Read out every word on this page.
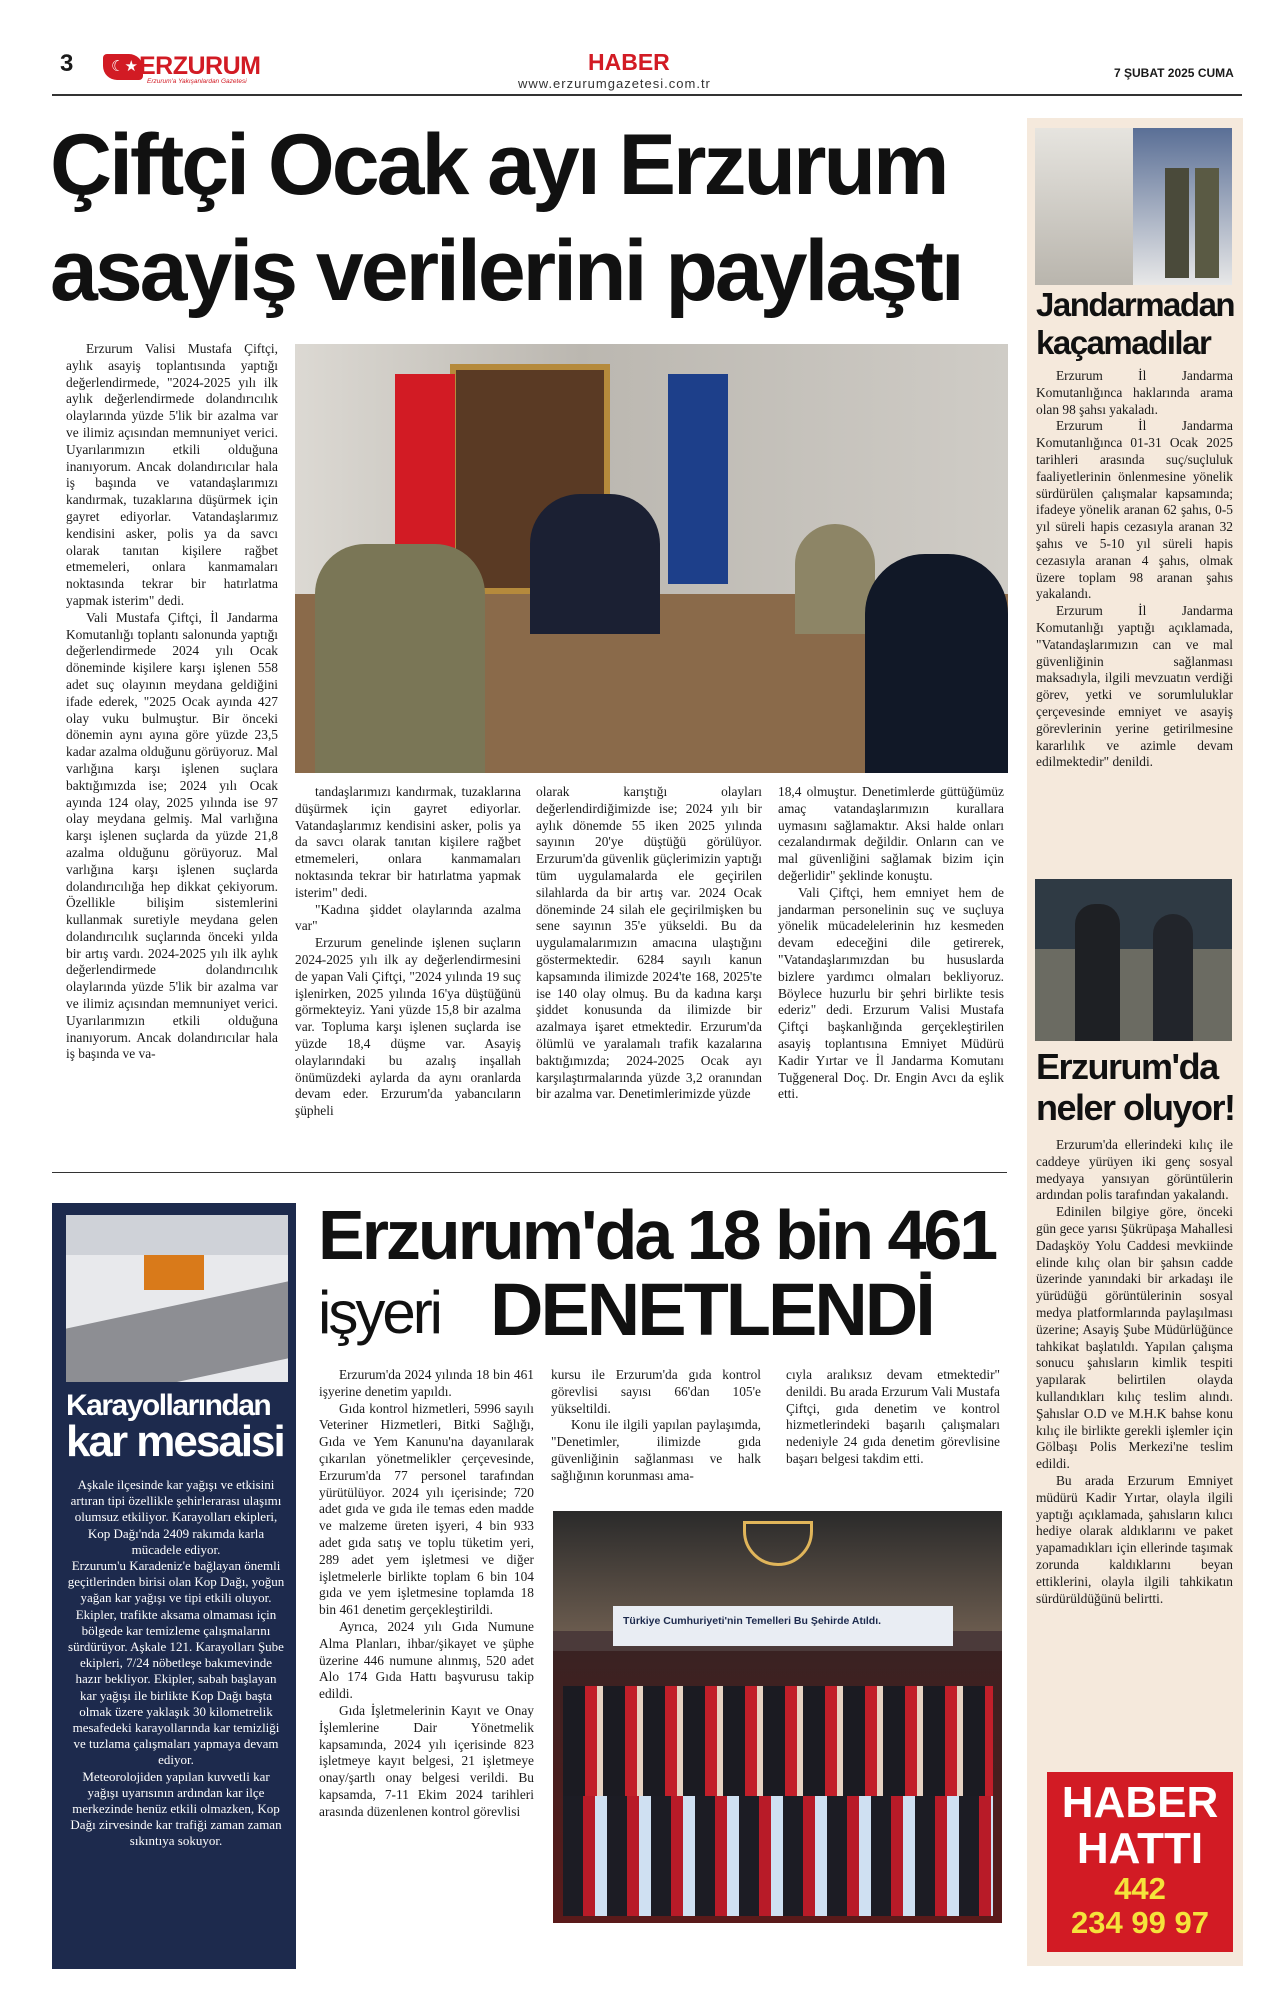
3	☾★ ERZURUM
Erzurum'a Yakışanlardan Gazetesi
HABER
www.erzurumgazetesi.com.tr
7 ŞUBAT 2025 CUMA
Çiftçi Ocak ayı Erzurum
asayiş verilerini paylaştı

Erzurum Valisi Mustafa Çiftçi, aylık asayiş toplantısında yaptığı değerlendirmede, "2024-2025 yılı ilk aylık değerlendirmede dolandırıcılık olaylarında yüzde 5'lik bir azalma var ve ilimiz açısından memnuniyet verici. Uyarılarımızın etkili olduğuna inanıyorum. Ancak dolandırıcılar hala iş başında ve vatandaşlarımızı kandırmak, tuzaklarına düşürmek için gayret ediyorlar. Vatandaşlarımız kendisini asker, polis ya da savcı olarak tanıtan kişilere rağbet etmemeleri, onlara kanmamaları noktasında tekrar bir hatırlatma yapmak isterim" dedi.

Vali Mustafa Çiftçi, İl Jandarma Komutanlığı toplantı salonunda yaptığı değerlendirmede 2024 yılı Ocak döneminde kişilere karşı işlenen 558 adet suç olayının meydana geldiğini ifade ederek, "2025 Ocak ayında 427 olay vuku bulmuştur. Bir önceki dönemin aynı ayına göre yüzde 23,5 kadar azalma olduğunu görüyoruz. Mal varlığına karşı işlenen suçlara baktığımızda ise; 2024 yılı Ocak ayında 124 olay, 2025 yılında ise 97 olay meydana gelmiş. Mal varlığına karşı işlenen suçlarda da yüzde 21,8 azalma olduğunu görüyoruz. Mal varlığına karşı işlenen suçlarda dolandırıcılığa hep dikkat çekiyorum. Özellikle bilişim sistemlerini kullanmak suretiyle meydana gelen dolandırıcılık suçlarında önceki yılda bir artış vardı. 2024-2025 yılı ilk aylık değerlendirmede dolandırıcılık olaylarında yüzde 5'lik bir azalma var ve ilimiz açısından memnuniyet verici. Uyarılarımızın etkili olduğuna inanıyorum. Ancak dolandırıcılar hala iş başında ve va-

tandaşlarımızı kandırmak, tuzaklarına düşürmek için gayret ediyorlar. Vatandaşlarımız kendisini asker, polis ya da savcı olarak tanıtan kişilere rağbet etmemeleri, onlara kanmamaları noktasında tekrar bir hatırlatma yapmak isterim" dedi.

"Kadına şiddet olaylarında azalma var"

Erzurum genelinde işlenen suçların 2024-2025 yılı ilk ay değerlendirmesini de yapan Vali Çiftçi, "2024 yılında 19 suç işlenirken, 2025 yılında 16'ya düştüğünü görmekteyiz. Yani yüzde 15,8 bir azalma var. Topluma karşı işlenen suçlarda ise yüzde 18,4 düşme var. Asayiş olaylarındaki bu azalış inşallah önümüzdeki aylarda da aynı oranlarda devam eder. Erzurum'da yabancıların şüpheli

olarak karıştığı olayları değerlendirdiğimizde ise; 2024 yılı bir aylık dönemde 55 iken 2025 yılında sayının 20'ye düştüğü görülüyor. Erzurum'da güvenlik güçlerimizin yaptığı tüm uygulamalarda ele geçirilen silahlarda da bir artış var. 2024 Ocak döneminde 24 silah ele geçirilmişken bu sene sayının 35'e yükseldi. Bu da uygulamalarımızın amacına ulaştığını göstermektedir. 6284 sayılı kanun kapsamında ilimizde 2024'te 168, 2025'te ise 140 olay olmuş. Bu da kadına karşı şiddet konusunda da ilimizde bir azalmaya işaret etmektedir. Erzurum'da ölümlü ve yaralamalı trafik kazalarına baktığımızda; 2024-2025 Ocak ayı karşılaştırmalarında yüzde 3,2 oranından bir azalma var. Denetimlerimizde yüzde

18,4 olmuştur. Denetimlerde güttüğümüz amaç vatandaşlarımızın kurallara uymasını sağlamaktır. Aksi halde onları cezalandırmak değildir. Onların can ve mal güvenliğini sağlamak bizim için değerlidir" şeklinde konuştu.

Vali Çiftçi, hem emniyet hem de jandarman personelinin suç ve suçluya yönelik mücadelelerinin hız kesmeden devam edeceğini dile getirerek, "Vatandaşlarımızdan bu hususlarda bizlere yardımcı olmaları bekliyoruz. Böylece huzurlu bir şehri birlikte tesis ederiz" dedi. Erzurum Valisi Mustafa Çiftçi başkanlığında gerçekleştirilen asayiş toplantısına Emniyet Müdürü Kadir Yırtar ve İl Jandarma Komutanı Tuğgeneral Doç. Dr. Engin Avcı da eşlik etti.

Jandarmadan
kaçamadılar

Erzurum İl Jandarma Komutanlığınca haklarında arama olan 98 şahsı yakaladı.

Erzurum İl Jandarma Komutanlığınca 01-31 Ocak 2025 tarihleri arasında suç/suçluluk faaliyetlerinin önlenmesine yönelik sürdürülen çalışmalar kapsamında; ifadeye yönelik aranan 62 şahıs, 0-5 yıl süreli hapis cezasıyla aranan 32 şahıs ve 5-10 yıl süreli hapis cezasıyla aranan 4 şahıs, olmak üzere toplam 98 aranan şahıs yakalandı.

Erzurum İl Jandarma Komutanlığı yaptığı açıklamada, "Vatandaşlarımızın can ve mal güvenliğinin sağlanması maksadıyla, ilgili mevzuatın verdiği görev, yetki ve sorumluluklar çerçevesinde emniyet ve asayiş görevlerinin yerine getirilmesine kararlılık ve azimle devam edilmektedir" denildi.

Erzurum'da
neler oluyor!

Erzurum'da ellerindeki kılıç ile caddeye yürüyen iki genç sosyal medyaya yansıyan görüntülerin ardından polis tarafından yakalandı.

Edinilen bilgiye göre, önceki gün gece yarısı Şükrüpaşa Mahallesi Dadaşköy Yolu Caddesi mevkiinde elinde kılıç olan bir şahsın cadde üzerinde yanındaki bir arkadaşı ile yürüdüğü görüntülerinin sosyal medya platformlarında paylaşılması üzerine; Asayiş Şube Müdürlüğünce tahkikat başlatıldı. Yapılan çalışma sonucu şahısların kimlik tespiti yapılarak belirtilen olayda kullandıkları kılıç teslim alındı. Şahıslar O.D ve M.H.K bahse konu kılıç ile birlikte gerekli işlemler için Gölbaşı Polis Merkezi'ne teslim edildi.

Bu arada Erzurum Emniyet müdürü Kadir Yırtar, olayla ilgili yaptığı açıklamada, şahısların kılıcı hediye olarak aldıklarını ve paket yapamadıkları için ellerinde taşımak zorunda kaldıklarını beyan ettiklerini, olayla ilgili tahkikatın sürdürüldüğünü belirtti.

HABER
HATTI
442
234 99 97
Karayollarından
kar mesaisi

Aşkale ilçesinde kar yağışı ve etkisini artıran tipi özellikle şehirlerarası ulaşımı olumsuz etkiliyor. Karayolları ekipleri, Kop Dağı'nda 2409 rakımda karla mücadele ediyor.

Erzurum'u Karadeniz'e bağlayan önemli geçitlerinden birisi olan Kop Dağı, yoğun yağan kar yağışı ve tipi etkili oluyor. Ekipler, trafikte aksama olmaması için bölgede kar temizleme çalışmalarını sürdürüyor. Aşkale 121. Karayolları Şube ekipleri, 7/24 nöbetleşe bakımevinde hazır bekliyor. Ekipler, sabah başlayan kar yağışı ile birlikte Kop Dağı başta olmak üzere yaklaşık 30 kilometrelik mesafedeki karayollarında kar temizliği ve tuzlama çalışmaları yapmaya devam ediyor.

Meteorolojiden yapılan kuvvetli kar yağışı uyarısının ardından kar ilçe merkezinde henüz etkili olmazken, Kop Dağı zirvesinde kar trafiği zaman zaman sıkıntıya sokuyor.

Erzurum'da 18 bin 461
işyeri DENETLENDİ

Erzurum'da 2024 yılında 18 bin 461 işyerine denetim yapıldı.

Gıda kontrol hizmetleri, 5996 sayılı Veteriner Hizmetleri, Bitki Sağlığı, Gıda ve Yem Kanunu'na dayanılarak çıkarılan yönetmelikler çerçevesinde, Erzurum'da 77 personel tarafından yürütülüyor. 2024 yılı içerisinde; 720 adet gıda ve gıda ile temas eden madde ve malzeme üreten işyeri, 4 bin 933 adet gıda satış ve toplu tüketim yeri, 289 adet yem işletmesi ve diğer işletmelerle birlikte toplam 6 bin 104 gıda ve yem işletmesine toplamda 18 bin 461 denetim gerçekleştirildi.

Ayrıca, 2024 yılı Gıda Numune Alma Planları, ihbar/şikayet ve şüphe üzerine 446 numune alınmış, 520 adet Alo 174 Gıda Hattı başvurusu takip edildi.

Gıda İşletmelerinin Kayıt ve Onay İşlemlerine Dair Yönetmelik kapsamında, 2024 yılı içerisinde 823 işletmeye kayıt belgesi, 21 işletmeye onay/şartlı onay belgesi verildi. Bu kapsamda, 7-11 Ekim 2024 tarihleri arasında düzenlenen kontrol görevlisi

kursu ile Erzurum'da gıda kontrol görevlisi sayısı 66'dan 105'e yükseltildi.

Konu ile ilgili yapılan paylaşımda, "Denetimler, ilimizde gıda güvenliğinin sağlanması ve halk sağlığının korunması ama-

cıyla aralıksız devam etmektedir" denildi. Bu arada Erzurum Vali Mustafa Çiftçi, gıda denetim ve kontrol hizmetlerindeki başarılı çalışmaları nedeniyle 24 gıda denetim görevlisine başarı belgesi takdim etti.

Türkiye Cumhuriyeti'nin Temelleri Bu Şehirde Atıldı.
